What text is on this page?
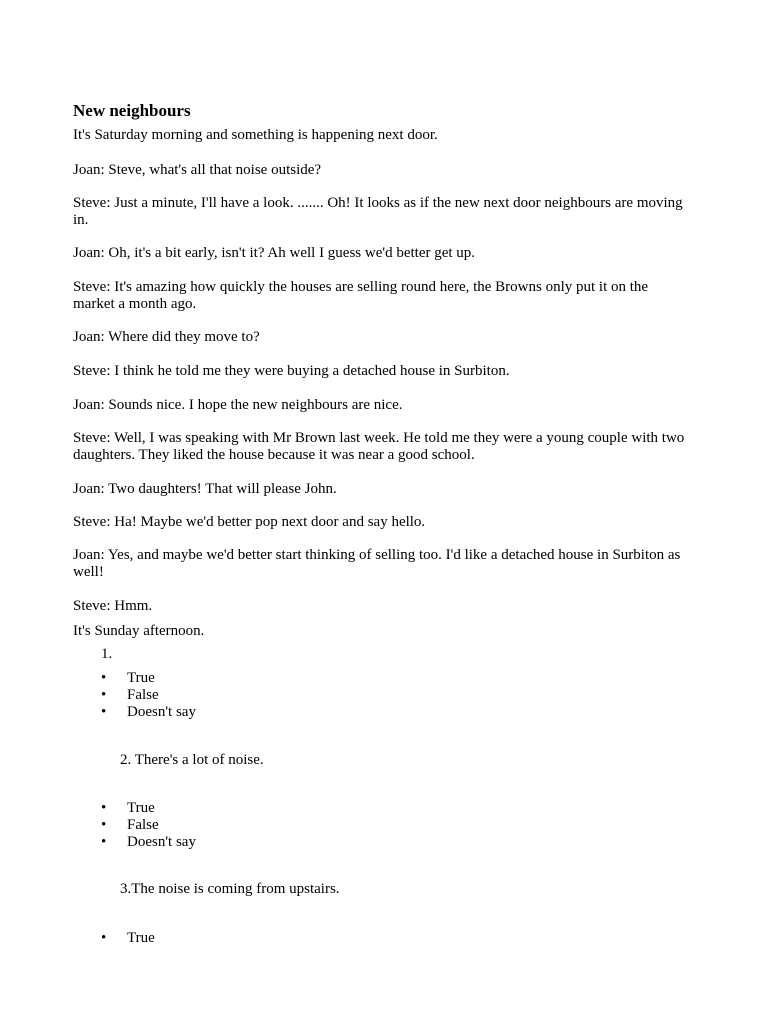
New neighbours

It's Saturday morning and something is happening next door.

Joan: Steve, what's all that noise outside?

Steve: Just a minute, I'll have a look. ....... Oh! It looks as if the new next door neighbours are moving in.

Joan: Oh, it's a bit early, isn't it? Ah well I guess we'd better get up.

Steve: It's amazing how quickly the houses are selling round here, the Browns only put it on the market a month ago.

Joan: Where did they move to?

Steve: I think he told me they were buying a detached house in Surbiton.

Joan: Sounds nice. I hope the new neighbours are nice.

Steve: Well, I was speaking with Mr Brown last week. He told me they were a young couple with two daughters. They liked the house because it was near a good school.

Joan: Two daughters! That will please John.

Steve: Ha! Maybe we'd better pop next door and say hello.

Joan: Yes, and maybe we'd better start thinking of selling too. I'd like a detached house in Surbiton as well!

Steve: Hmm.

It's Sunday afternoon.

1.
• True
• False
• Doesn't say
2. There's a lot of noise.
• True
• False
• Doesn't say
3.The noise is coming from upstairs.
• True
